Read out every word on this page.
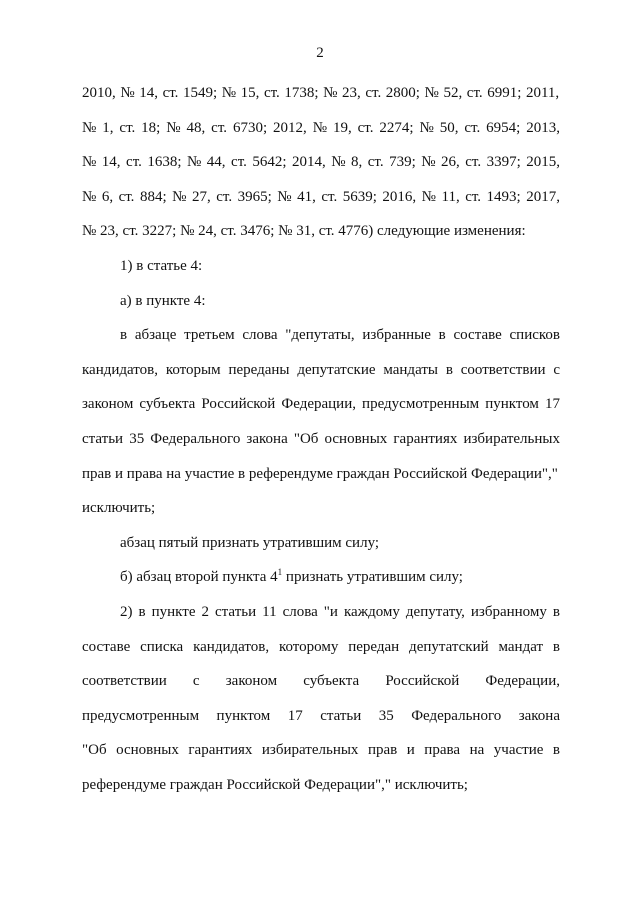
2

2010, № 14, ст. 1549; № 15, ст. 1738; № 23, ст. 2800; № 52, ст. 6991; 2011,
№ 1, ст. 18; № 48, ст. 6730; 2012, № 19, ст. 2274; № 50, ст. 6954; 2013,
№ 14, ст. 1638; № 44, ст. 5642; 2014, № 8, ст. 739; № 26, ст. 3397; 2015,
№ 6, ст. 884; № 27, ст. 3965; № 41, ст. 5639; 2016, № 11, ст. 1493; 2017,
№ 23, ст. 3227; № 24, ст. 3476; № 31, ст. 4776) следующие изменения:

1) в статье 4:

а) в пункте 4:

в абзаце третьем слова "депутаты, избранные в составе списков
кандидатов, которым переданы депутатские мандаты в соответствии с
законом субъекта Российской Федерации, предусмотренным пунктом 17
статьи 35 Федерального закона "Об основных гарантиях избирательных
прав и права на участие в референдуме граждан Российской Федерации","
исключить;

абзац пятый признать утратившим силу;

б) абзац второй пункта $4^1$ признать утратившим силу;

2) в пункте 2 статьи 11 слова "и каждому депутату, избранному в
составе списка кандидатов, которому передан депутатский мандат в
соответствии с законом субъекта Российской Федерации,
предусмотренным пунктом 17 статьи 35 Федерального закона
"Об основных гарантиях избирательных прав и права на участие в
референдуме граждан Российской Федерации"," исключить;
